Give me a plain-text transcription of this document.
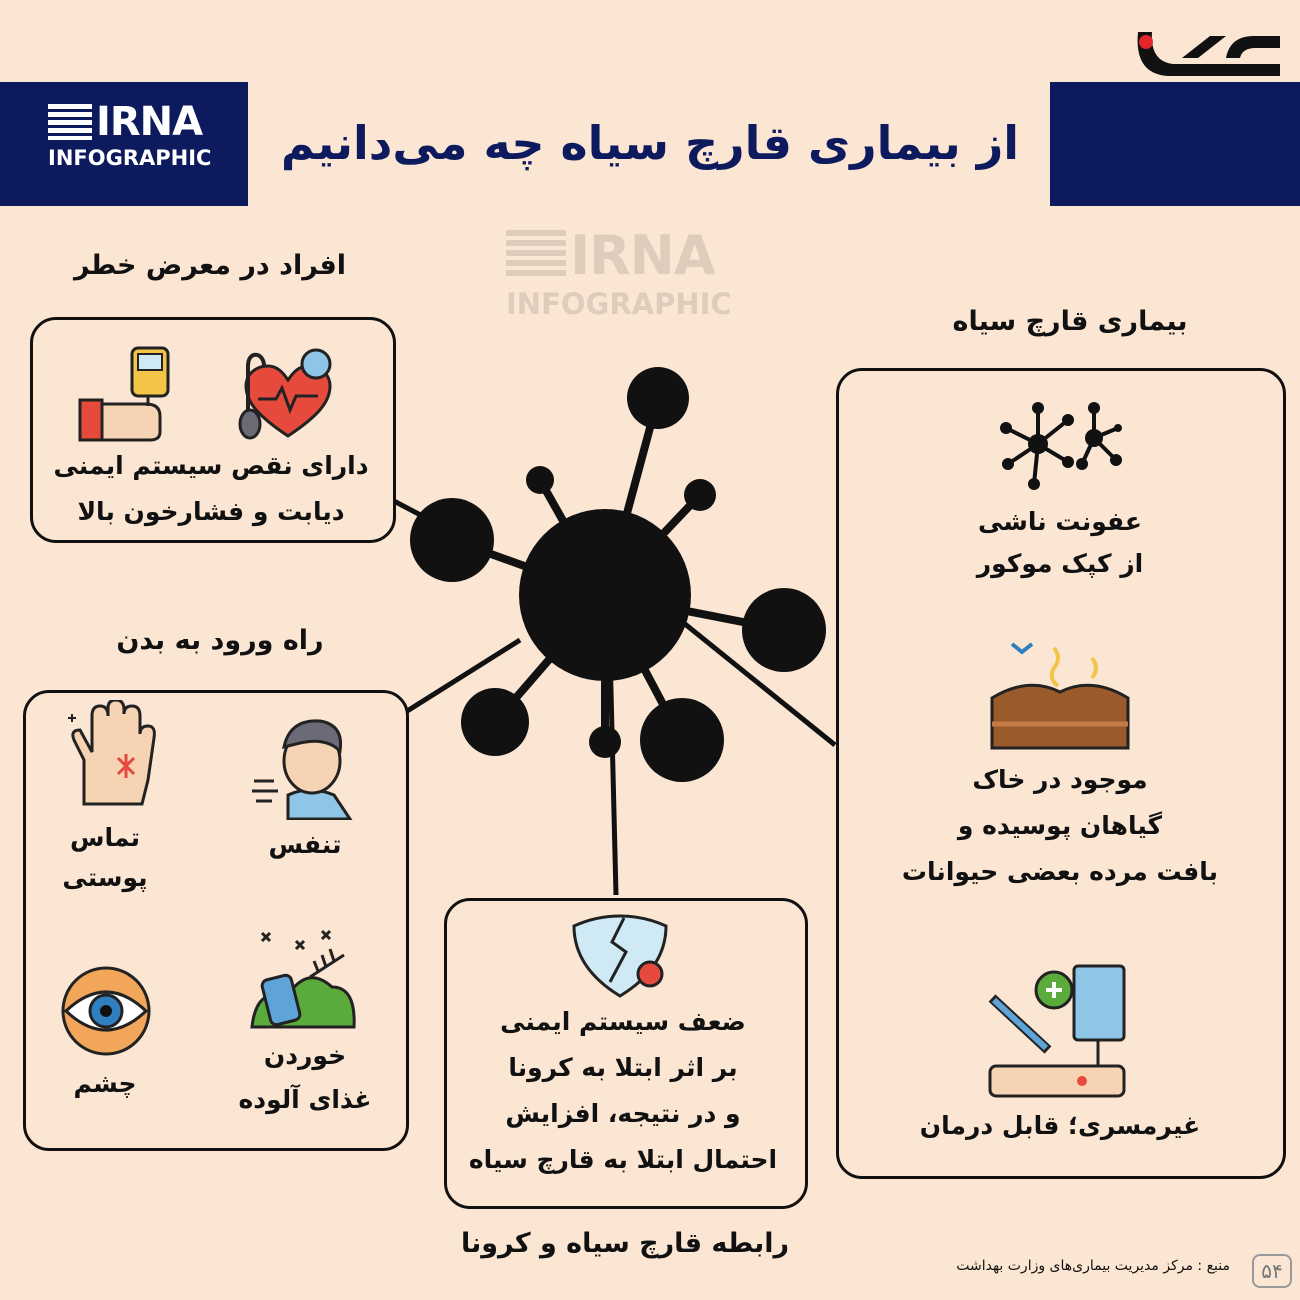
IRNA
INFOGRAPHIC	از بیماری قارچ سیاه چه می‌دانیم
IRNA
INFOGRAPHIC
افراد در معرض خطر
دارای نقص سیستم ایمنی
دیابت و فشارخون بالا
راه ورود به بدن
تنفس
تماس
پوستی
خوردن
غذای آلوده
چشم
بیماری قارچ سیاه
عفونت ناشی
از کپک موکور
موجود در خاک
گیاهان پوسیده و
بافت مرده بعضی حیوانات
غیرمسری؛ قابل درمان
ضعف سیستم ایمنی
بر اثر ابتلا به کرونا
و در نتیجه، افزایش
احتمال ابتلا به قارچ سیاه
رابطه قارچ سیاه و کرونا
منبع : مرکز مدیریت بیماری‌های وزارت بهداشت	۵۴
